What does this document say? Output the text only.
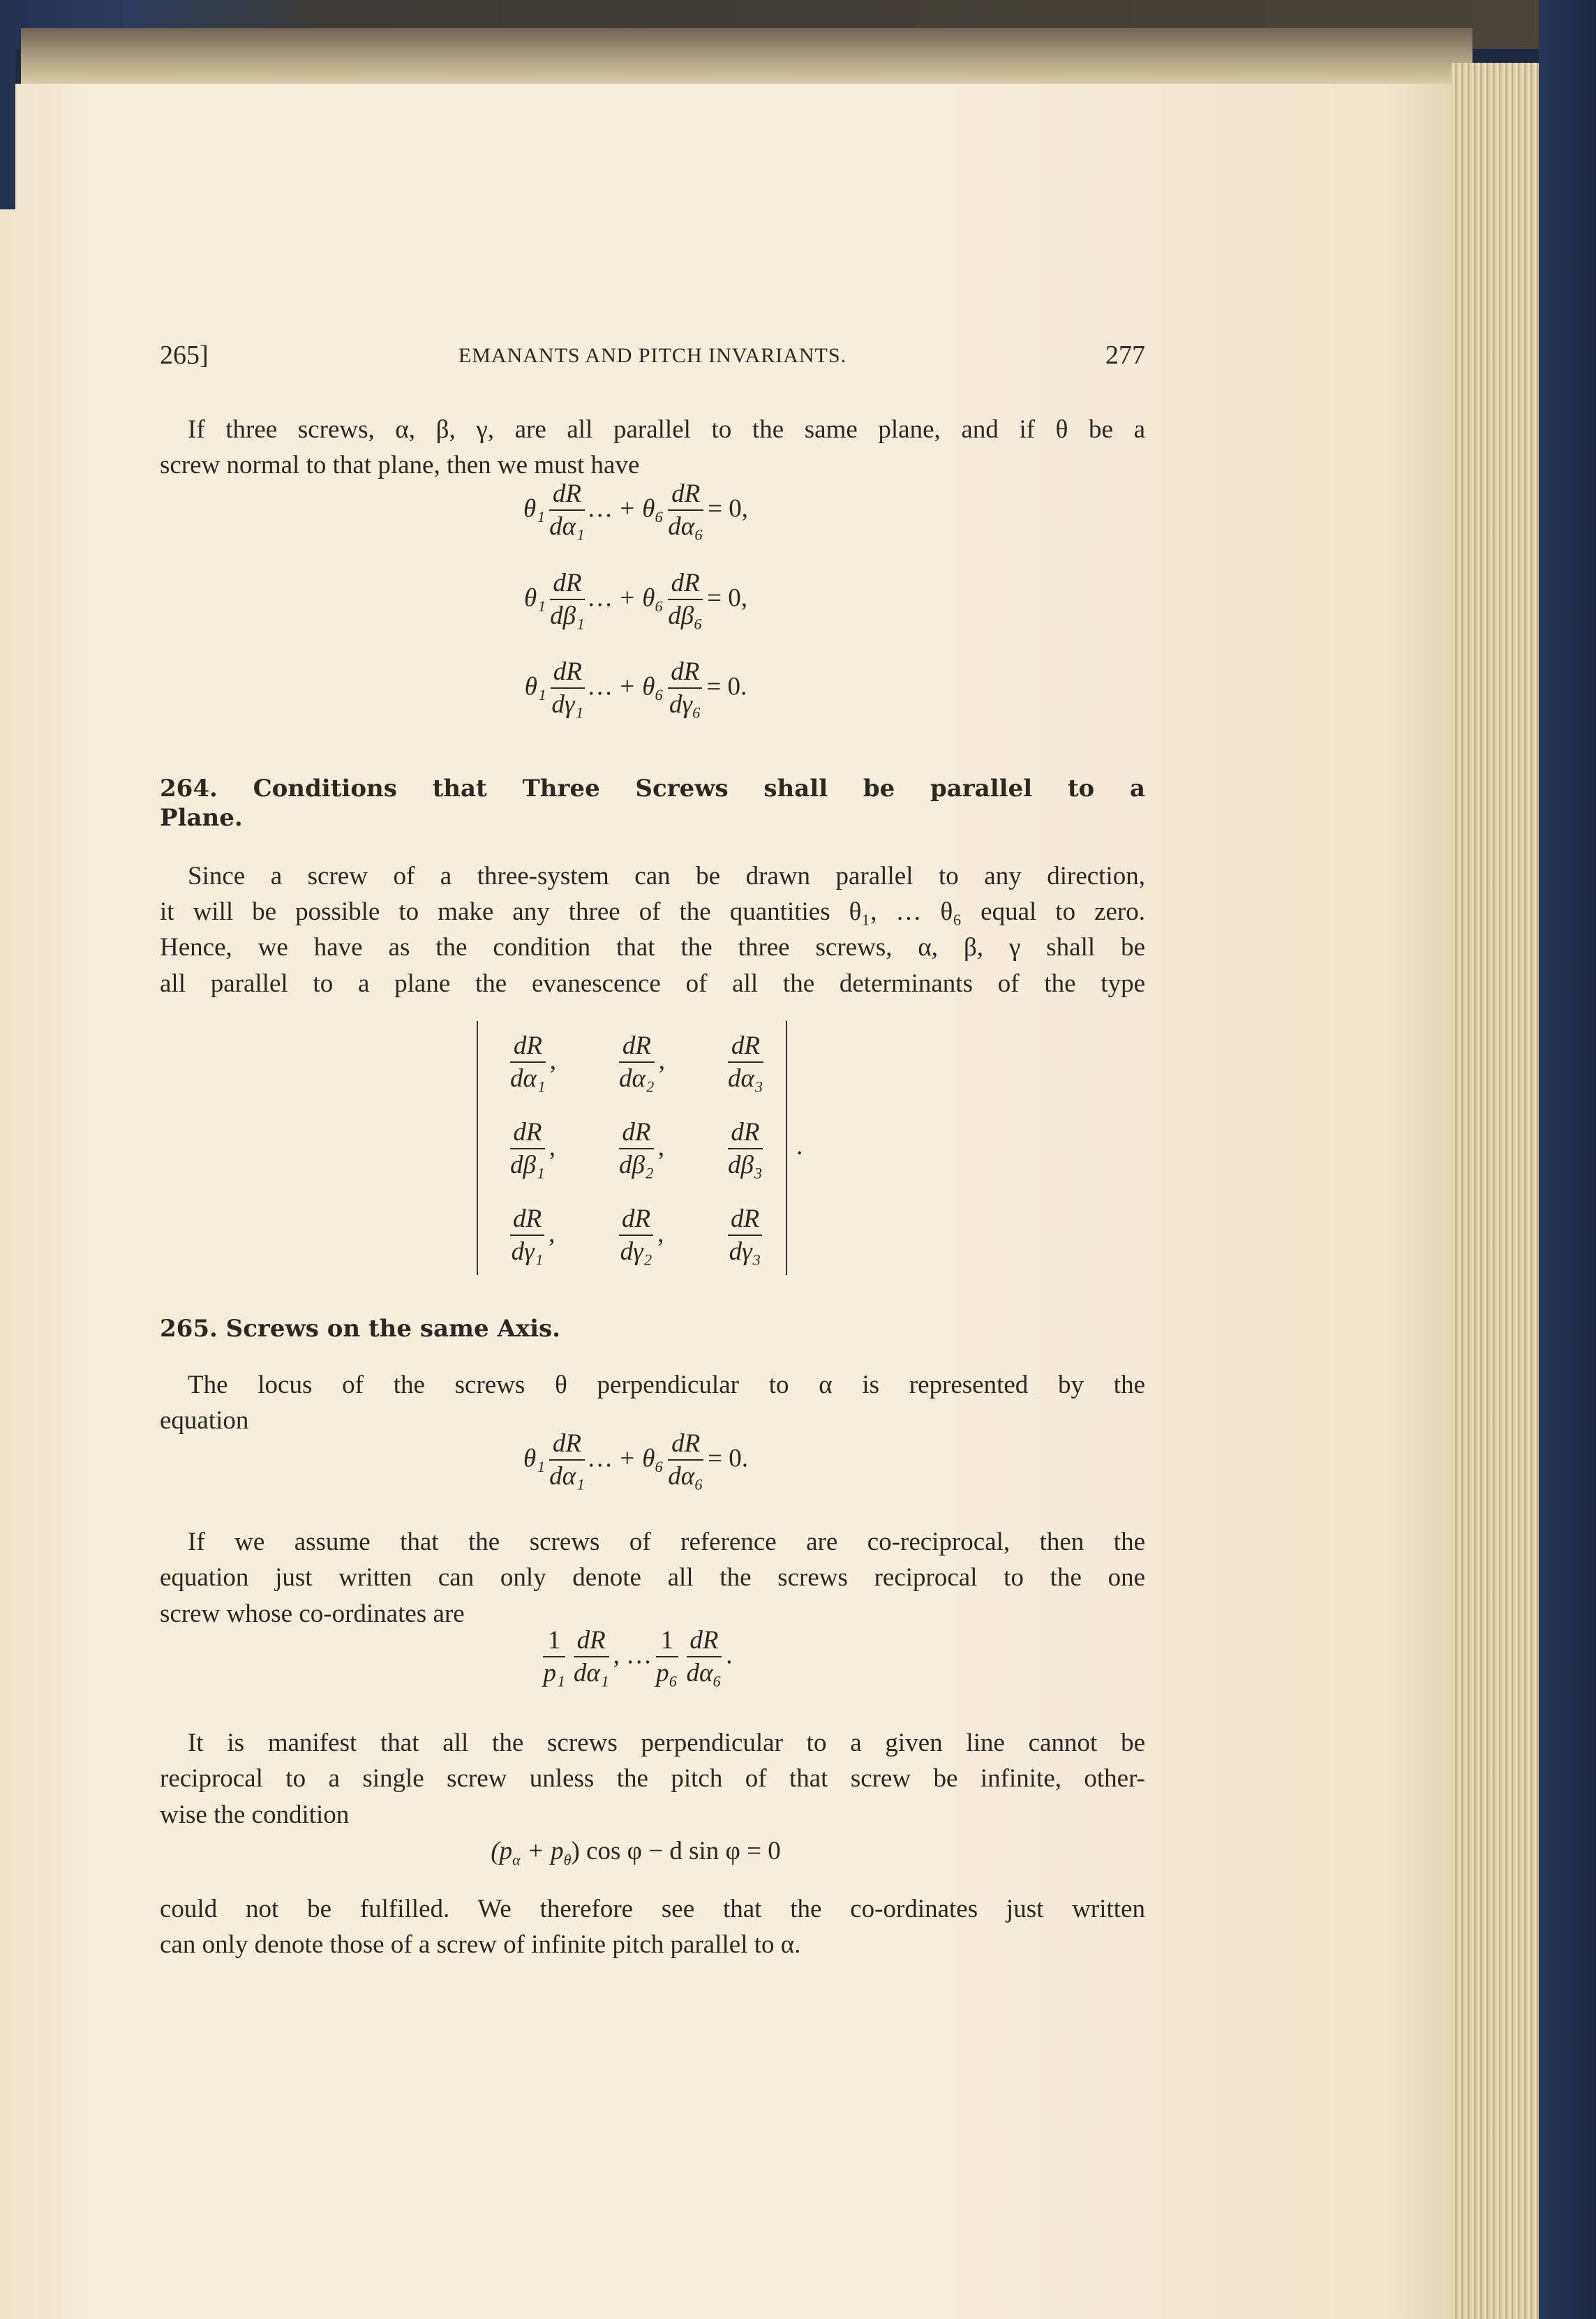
265]	EMANANTS AND PITCH INVARIANTS.	277
If three screws, α, β, γ, are all parallel to the same plane, and if θ be a
screw normal to that plane, then we must have
$\theta_1 \frac{dR}{\text{dα₁}}$ … + $\theta_6 \frac{dR}{\text{dα₆}} = 0$,
$\theta_1 \frac{dR}{\text{dβ₁}}$ … + $\theta_6 \frac{dR}{\text{dβ₆}} = 0$,
$\theta_1 \frac{dR}{\text{dγ₁}}$ … + $\theta_6 \frac{dR}{\text{dγ₆}} = 0$.
264. Conditions that Three Screws shall be parallel to a
Plane.
Since a screw of a three-system can be drawn parallel to any direction,
it will be possible to make any three of the quantities θ₁, … θ₆ equal to zero.
Hence, we have as the condition that the three screws, α, β, γ shall be
all parallel to a plane the evanescence of all the determinants of the type
$\frac{dR}{\text{dα₁}}$ , $\frac{dR}{\text{dα₂}}$ , $\frac{dR}{\text{dα₃}}$
$\frac{dR}{\text{dβ₁}}$ , $\frac{dR}{\text{dβ₂}}$ , $\frac{dR}{\text{dβ₃}}$
$\frac{dR}{\text{dγ₁}}$ , $\frac{dR}{\text{dγ₂}}$ , $\frac{dR}{\text{dγ₃}}$
.
265. Screws on the same Axis.
The locus of the screws θ perpendicular to α is represented by the
equation
$\theta_1 \frac{dR}{\text{dα₁}}$ … + $\theta_6 \frac{dR}{\text{dα₆}} = 0$.
If we assume that the screws of reference are co-reciprocal, then the
equation just written can only denote all the screws reciprocal to the one
screw whose co-ordinates are
$\frac{1}{\text{p₁}} \frac{dR}{\text{dα₁}}$ , … $\frac{1}{\text{p₆}} \frac{dR}{\text{dα₆}}$ .
It is manifest that all the screws perpendicular to a given line cannot be
reciprocal to a single screw unless the pitch of that screw be infinite, other-
wise the condition
$(p_\alpha + p_\theta)$ cos φ − d sin φ = 0
could not be fulfilled. We therefore see that the co-ordinates just written
can only denote those of a screw of infinite pitch parallel to α.
